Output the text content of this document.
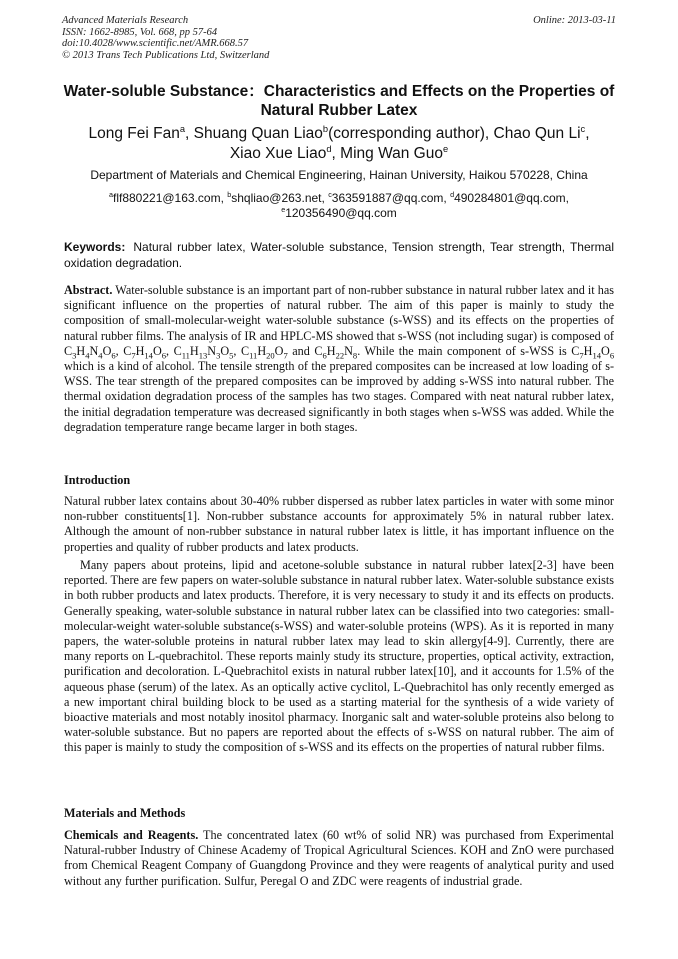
Advanced Materials Research
ISSN: 1662-8985, Vol. 668, pp 57-64
doi:10.4028/www.scientific.net/AMR.668.57
© 2013 Trans Tech Publications Ltd, Switzerland
Online: 2013-03-11
Water-soluble Substance：Characteristics and Effects on the Properties of Natural Rubber Latex
Long Fei Fan$^a$, Shuang Quan Liao$^b$(corresponding author), Chao Qun Li$^c$,
Xiao Xue Liao$^d$, Ming Wan Guo$^e$
Department of Materials and Chemical Engineering, Hainan University, Haikou 570228, China
$^a$flf880221@163.com, $^b$shqliao@263.net, $^c$363591887@qq.com, $^d$490284801@qq.com,
$^e$120356490@qq.com
Keywords: Natural rubber latex, Water-soluble substance, Tension strength, Tear strength, Thermal oxidation degradation.
Abstract. Water-soluble substance is an important part of non-rubber substance in natural rubber latex and it has significant influence on the properties of natural rubber. The aim of this paper is mainly to study the composition of small-molecular-weight water-soluble substance (s-WSS) and its effects on the properties of natural rubber films. The analysis of IR and HPLC-MS showed that s-WSS (not including sugar) is composed of $C_3H_4N_4O_6$, $C_7H_{14}O_6$, $C_{11}H_{13}N_3O_5$, $C_{11}H_{20}O_7$ and $C_6H_{22}N_8$. While the main component of s-WSS is $C_7H_{14}O_6$ which is a kind of alcohol. The tensile strength of the prepared composites can be increased at low loading of s-WSS. The tear strength of the prepared composites can be improved by adding s-WSS into natural rubber. The thermal oxidation degradation process of the samples has two stages. Compared with neat natural rubber latex, the initial degradation temperature was decreased significantly in both stages when s-WSS was added. While the degradation temperature range became larger in both stages.
Introduction
Natural rubber latex contains about 30-40% rubber dispersed as rubber latex particles in water with some minor non-rubber constituents[1]. Non-rubber substance accounts for approximately 5% in natural rubber latex. Although the amount of non-rubber substance in natural rubber latex is little, it has important influence on the properties and quality of rubber products and latex products.
Many papers about proteins, lipid and acetone-soluble substance in natural rubber latex[2-3] have been reported. There are few papers on water-soluble substance in natural rubber latex. Water-soluble substance exists in both rubber products and latex products. Therefore, it is very necessary to study it and its effects on products. Generally speaking, water-soluble substance in natural rubber latex can be classified into two categories: small-molecular-weight water-soluble substance(s-WSS) and water-soluble proteins (WPS). As it is reported in many papers, the water-soluble proteins in natural rubber latex may lead to skin allergy[4-9]. Currently, there are many reports on L-quebrachitol. These reports mainly study its structure, properties, optical activity, extraction, purification and decoloration. L-Quebrachitol exists in natural rubber latex[10], and it accounts for 1.5% of the aqueous phase (serum) of the latex. As an optically active cyclitol, L-Quebrachitol has only recently emerged as a new important chiral building block to be used as a starting material for the synthesis of a wide variety of bioactive materials and most notably inositol pharmacy. Inorganic salt and water-soluble proteins also belong to water-soluble substance. But no papers are reported about the effects of s-WSS on natural rubber. The aim of this paper is mainly to study the composition of s-WSS and its effects on the properties of natural rubber films.
Materials and Methods
Chemicals and Reagents. The concentrated latex (60 wt% of solid NR) was purchased from Experimental Natural-rubber Industry of Chinese Academy of Tropical Agricultural Sciences. KOH and ZnO were purchased from Chemical Reagent Company of Guangdong Province and they were reagents of analytical purity and used without any further purification. Sulfur, Peregal O and ZDC were reagents of industrial grade.
